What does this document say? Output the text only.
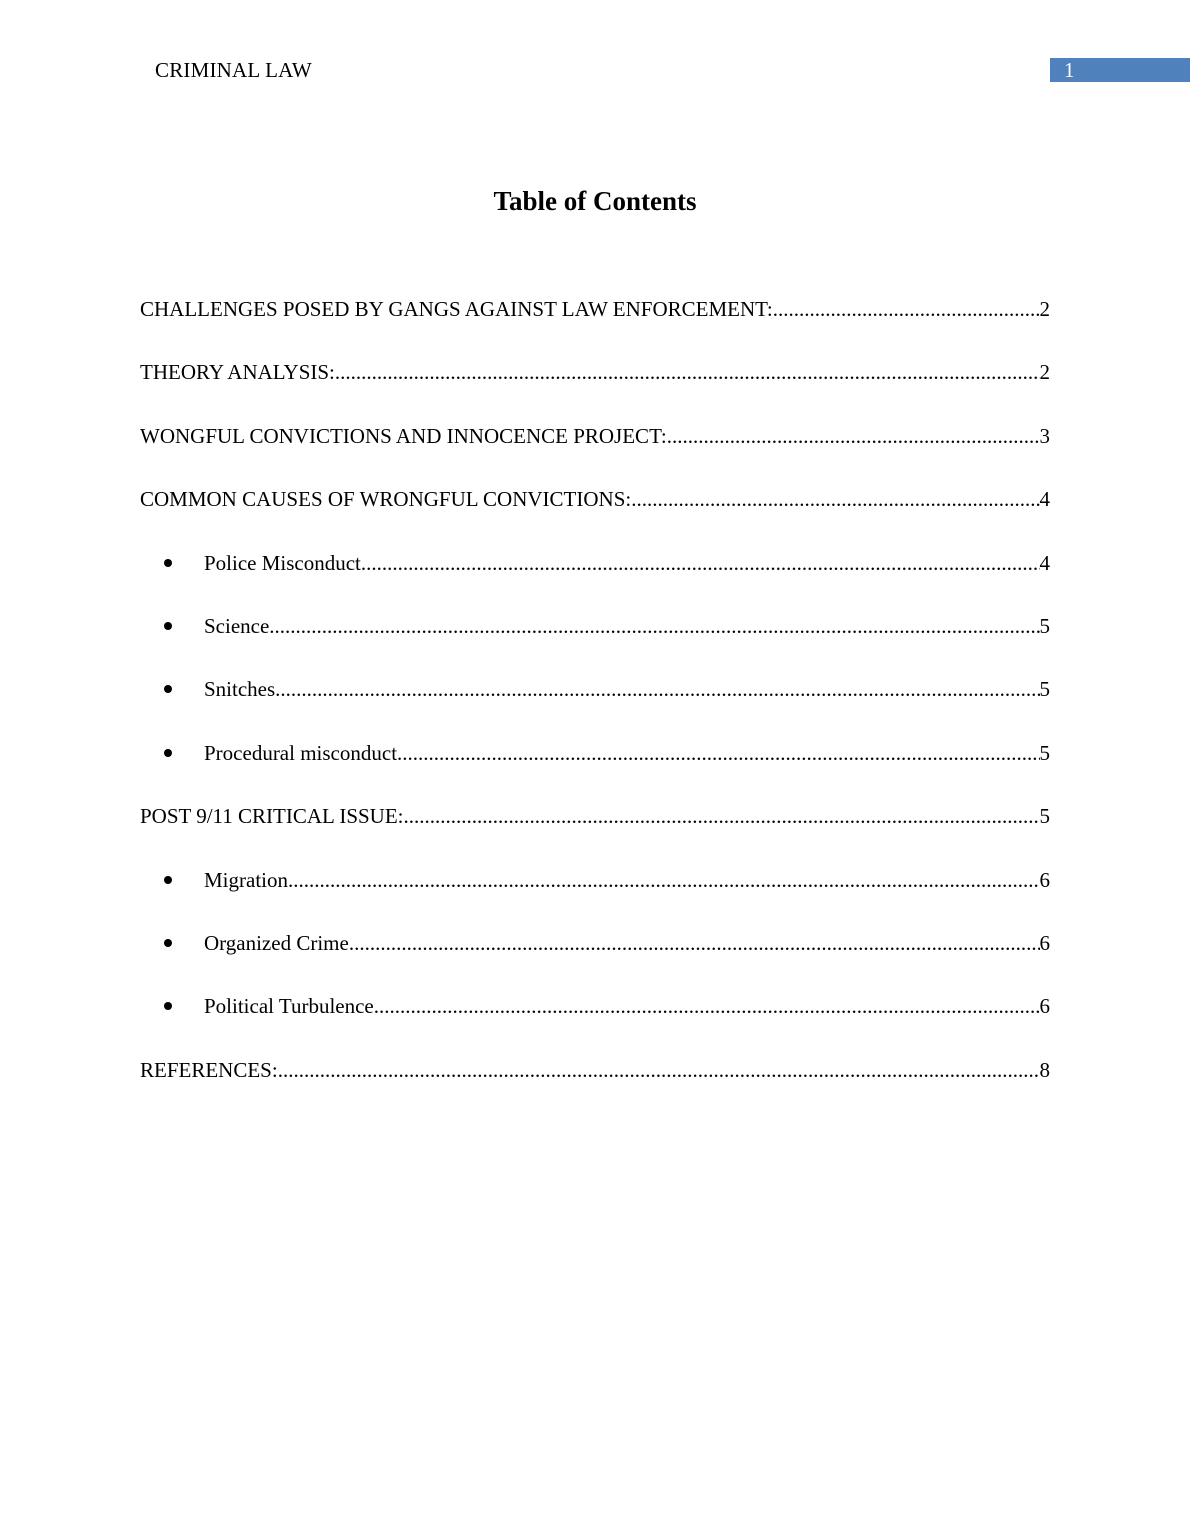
CRIMINAL LAW	1
Table of Contents
CHALLENGES POSED BY GANGS AGAINST LAW ENFORCEMENT: .....	2
THEORY ANALYSIS: .....	2
WONGFUL CONVICTIONS AND INNOCENCE PROJECT: .....	3
COMMON CAUSES OF WRONGFUL CONVICTIONS: .....	4
Police Misconduct .....	4
Science .....	5
Snitches .....	5
Procedural misconduct .....	5
POST 9/11 CRITICAL ISSUE: .....	5
Migration .....	6
Organized Crime .....	6
Political Turbulence .....	6
REFERENCES: .....	8
